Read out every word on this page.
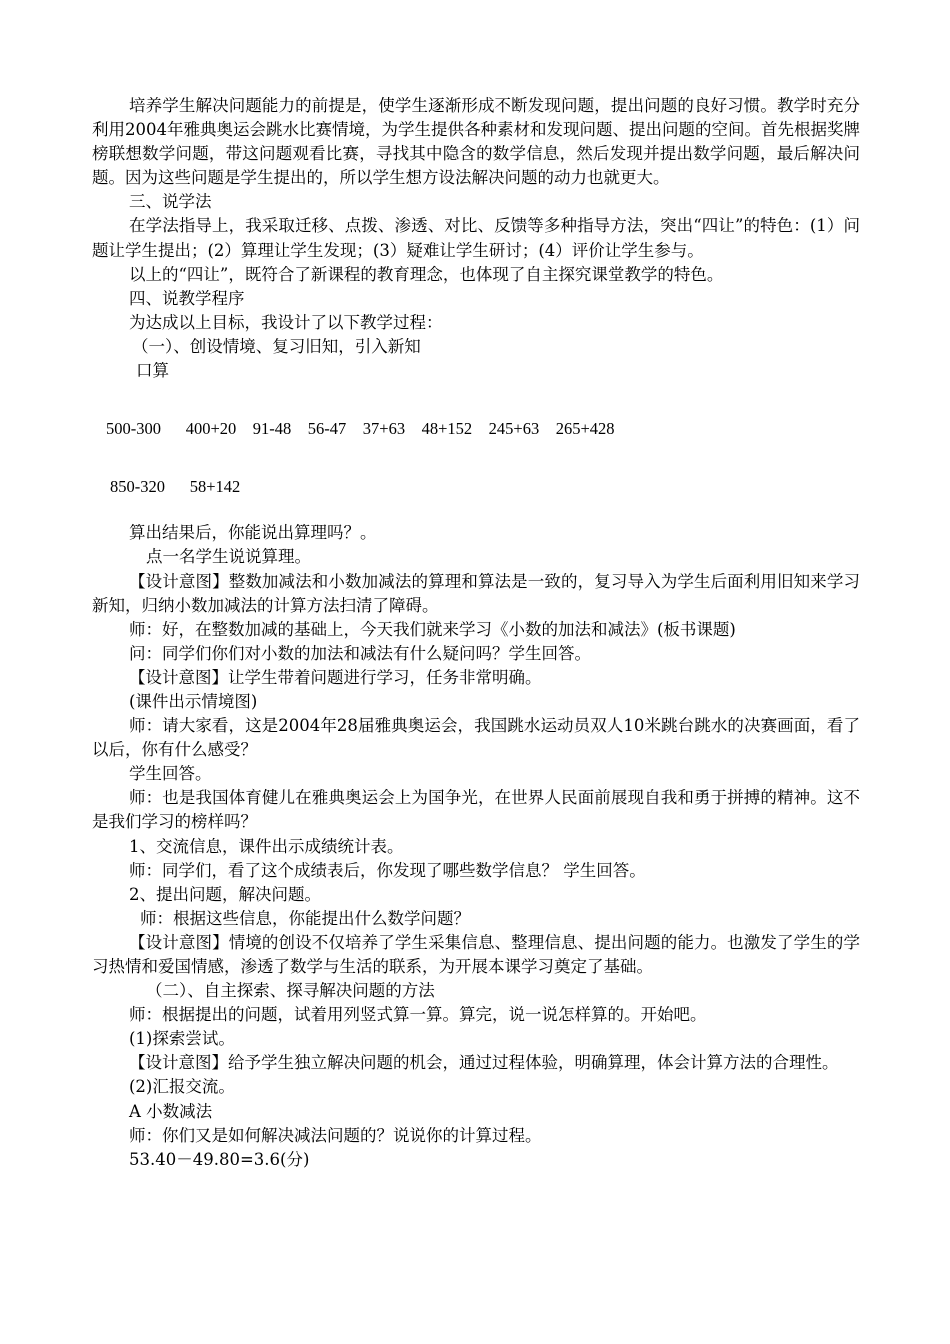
培养学生解决问题能力的前提是，使学生逐渐形成不断发现问题，提出问题的良好习惯。教学时充分利用2004年雅典奥运会跳水比赛情境，为学生提供各种素材和发现问题、提出问题的空间。首先根据奖牌榜联想数学问题，带这问题观看比赛，寻找其中隐含的数学信息，然后发现并提出数学问题，最后解决问题。因为这些问题是学生提出的，所以学生想方设法解决问题的动力也就更大。

三、说学法

在学法指导上，我采取迁移、点拨、渗透、对比、反馈等多种指导方法，突出“四让”的特色：(1）问题让学生提出；(2）算理让学生发现；(3）疑难让学生研讨；(4）评价让学生参与。

以上的“四让”，既符合了新课程的教育理念，也体现了自主探究课堂教学的特色。

四、说教学程序

为达成以上目标，我设计了以下教学过程：

（一）、创设情境、复习旧知，引入新知

口算

500-300      400+20    91-48    56-47    37+63    48+152    245+63    265+428

850-320      58+142

算出结果后，你能说出算理吗？。

点一名学生说说算理。

【设计意图】整数加减法和小数加减法的算理和算法是一致的，复习导入为学生后面利用旧知来学习新知，归纳小数加减法的计算方法扫清了障碍。

师：好，在整数加减的基础上，今天我们就来学习《小数的加法和减法》(板书课题)

问：同学们你们对小数的加法和减法有什么疑问吗？学生回答。

【设计意图】让学生带着问题进行学习，任务非常明确。

(课件出示情境图)

师：请大家看，这是2004年28届雅典奥运会，我国跳水运动员双人10米跳台跳水的决赛画面，看了以后，你有什么感受？

学生回答。

师：也是我国体育健儿在雅典奥运会上为国争光，在世界人民面前展现自我和勇于拼搏的精神。这不是我们学习的榜样吗？

1、交流信息，课件出示成绩统计表。

师：同学们，看了这个成绩表后，你发现了哪些数学信息？ 学生回答。

2、提出问题，解决问题。

师：根据这些信息，你能提出什么数学问题？

【设计意图】情境的创设不仅培养了学生采集信息、整理信息、提出问题的能力。也激发了学生的学习热情和爱国情感，渗透了数学与生活的联系，为开展本课学习奠定了基础。

（二）、自主探索、探寻解决问题的方法

师：根据提出的问题，试着用列竖式算一算。算完，说一说怎样算的。开始吧。

(1)探索尝试。

【设计意图】给予学生独立解决问题的机会，通过过程体验，明确算理，体会计算方法的合理性。

(2)汇报交流。

A 小数减法

师：你们又是如何解决减法问题的？说说你的计算过程。

53.40－49.80=3.6(分)
